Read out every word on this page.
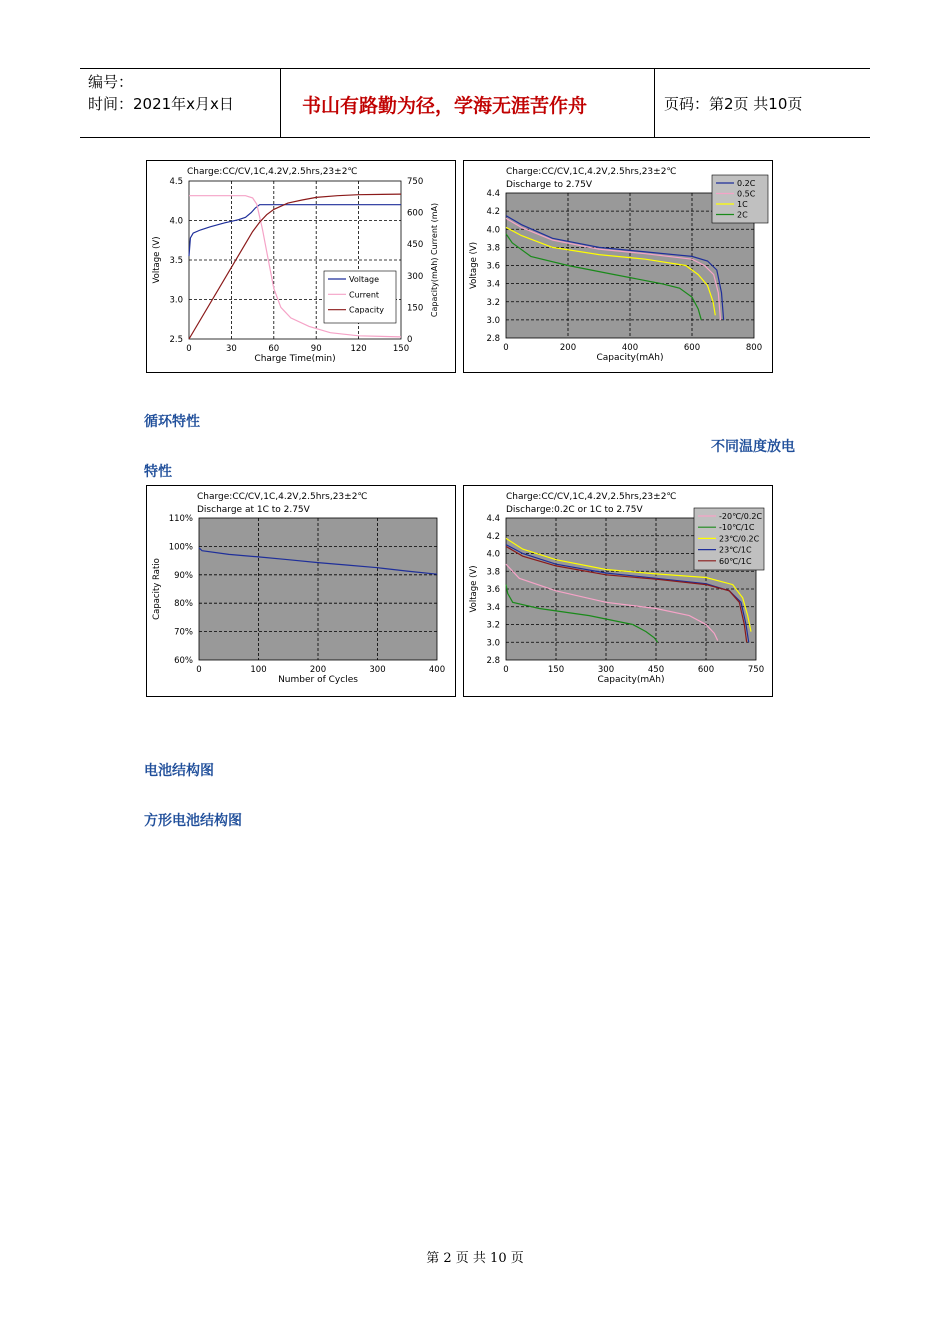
编号：
时间：2021年x月x日	书山有路勤为径，学海无涯苦作舟	页码：第2页 共10页
Charge:CC/CV,1C,4.2V,2.5hrs,23±2℃
0	30	60	90	120	150
2.5
3.0
3.5
4.0
4.5
0
150
300
450
600
750
Capacity(mAh) Current (mA)
Charge Time(min)
Voltage (V)	Voltage
Current
Capacity
Charge:CC/CV,1C,4.2V,2.5hrs,23±2℃
Discharge to 2.75V
0	200	400	600	800
2.8
3.0
3.2
3.4
3.6
3.8
4.0
4.2
4.4
Capacity(mAh)
Voltage (V)
0.2C
0.5C
1C
2C
循环特性
不同温度放电
特性
Charge:CC/CV,1C,4.2V,2.5hrs,23±2℃
Discharge at 1C to 2.75V
0	100	200	300	400
60%
70%
80%
90%
100%
110%
Number of Cycles
Capacity Ratio
Charge:CC/CV,1C,4.2V,2.5hrs,23±2℃
Discharge:0.2C or 1C to 2.75V
0	150	300	450	600	750
2.8
3.0
3.2
3.4
3.6
3.8
4.0
4.2
4.4
Capacity(mAh)
Voltage (V)
-20℃/0.2C
-10℃/1C
23℃/0.2C
23℃/1C
60℃/1C
电池结构图
方形电池结构图
第 2 页 共 10 页
